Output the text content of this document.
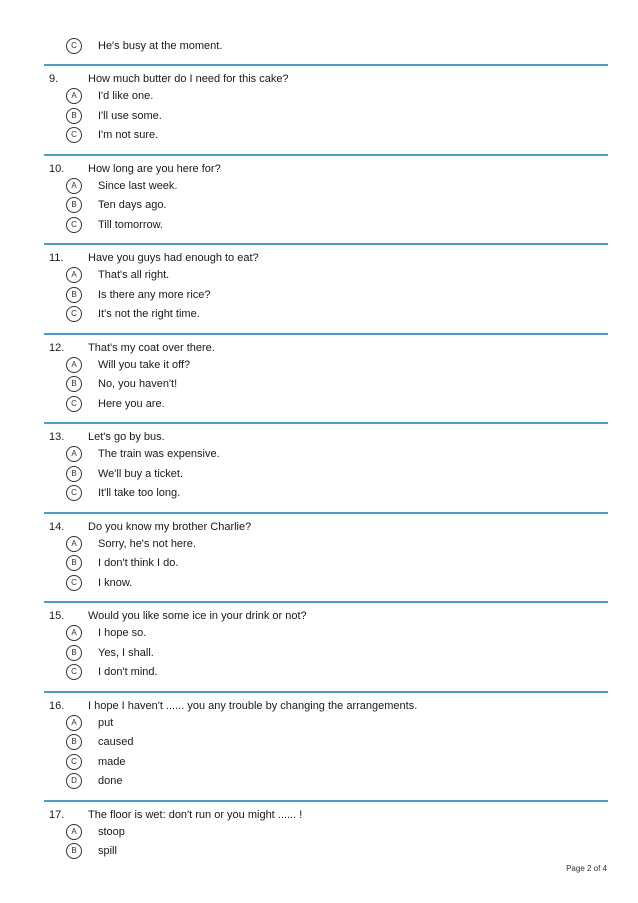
C	He's busy at the moment.
9.	How much butter do I need for this cake?
A	I'd like one.
B	I'll use some.
C	I'm not sure.
10. How long are you here for?
A	Since last week.
B	Ten days ago.
C	Till tomorrow.
11. Have you guys had enough to eat?
A	That's all right.
B	Is there any more rice?
C	It's not the right time.
12. That's my coat over there.
A	Will you take it off?
B	No, you haven't!
C	Here you are.
13. Let's go by bus.
A	The train was expensive.
B	We'll buy a ticket.
C	It'll take too long.
14. Do you know my brother Charlie?
A	Sorry, he's not here.
B	I don't think I do.
C	I know.
15. Would you like some ice in your drink or not?
A	I hope so.
B	Yes, I shall.
C	I don't mind.
16. I hope I haven't ...... you any trouble by changing the arrangements.
A	put
B	caused
C	made
D	done
17. The floor is wet: don't run or you might ...... !
A	stoop
B	spill
Page 2 of 4
